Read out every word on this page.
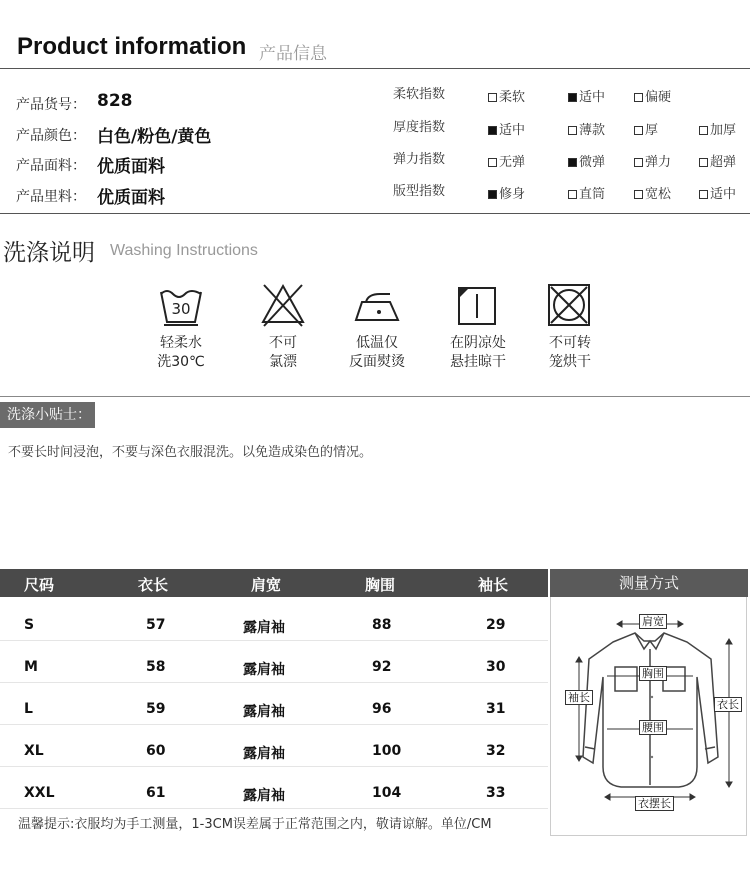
Product information 产品信息
产品货号： 828
产品颜色： 白色/粉色/黄色
产品面料： 优质面料
产品里料： 优质面料
柔软指数	柔软	适中	偏硬
厚度指数	适中	薄款	厚	加厚
弹力指数	无弹	微弹	弹力	超弹
版型指数	修身	直筒	宽松	适中
洗涤说明 Washing Instructions
30
轻柔水
洗30℃
不可
氯漂
低温仅
反面熨烫
在阴凉处
悬挂晾干
不可转
笼烘干
洗涤小贴士：
不要长时间浸泡，不要与深色衣服混洗。以免造成染色的情况。
尺码	衣长	肩宽	胸围	袖长
S	57	露肩袖	88	29
M	58	露肩袖	92	30
L	59	露肩袖	96	31
XL	60	露肩袖	100	32
XXL	61	露肩袖	104	33
温馨提示:衣服均为手工测量，1-3CM误差属于正常范围之内，敬请谅解。单位/CM
测量方式
肩宽
胸围
袖长
衣长
腰围
衣摆长
